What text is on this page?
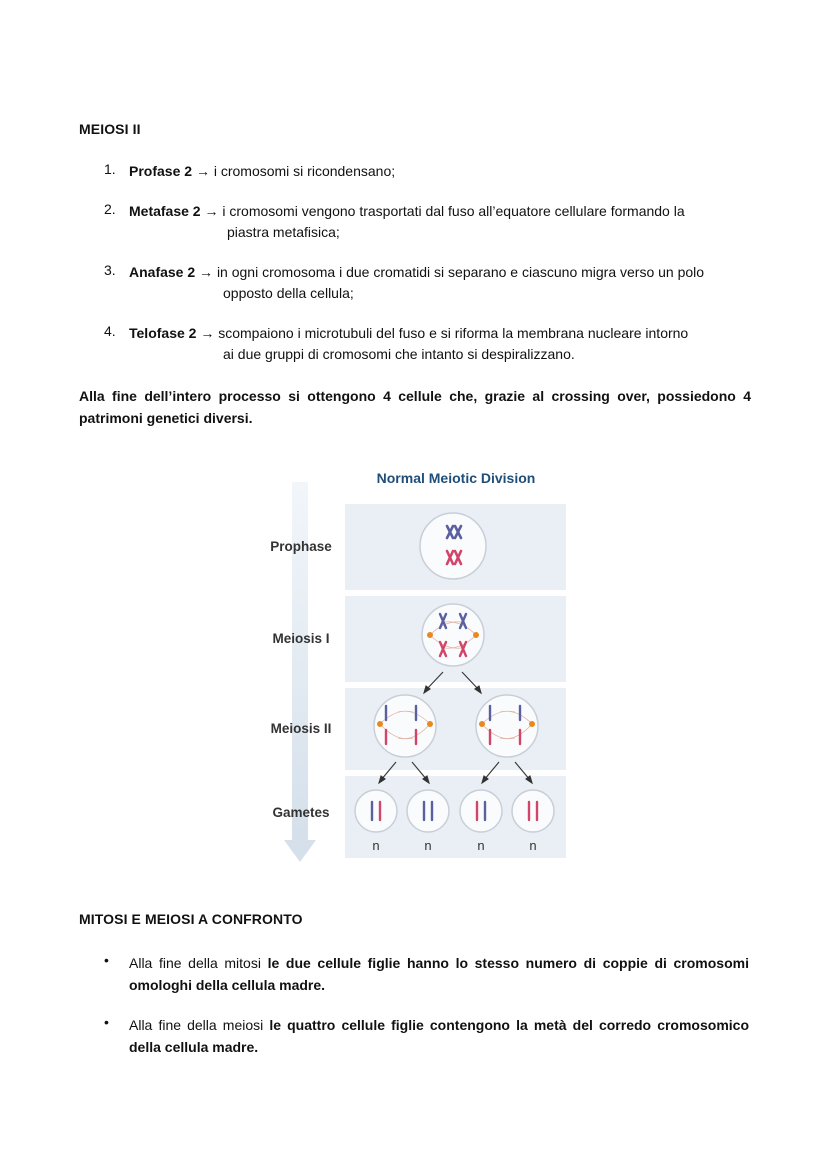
MEIOSI II
1. Profase 2 → i cromosomi si ricondensano;
2. Metafase 2 → i cromosomi vengono trasportati dal fuso all’equatore cellulare formando la
piastra metafisica;
3. Anafase 2 → in ogni cromosoma i due cromatidi si separano e ciascuno migra verso un polo
opposto della cellula;
4. Telofase 2 → scompaiono i microtubuli del fuso e si riforma la membrana nucleare intorno
ai due gruppi di cromosomi che intanto si despiralizzano.
Alla fine dell’intero processo si ottengono 4 cellule che, grazie al crossing over, possiedono 4 patrimoni genetici diversi.
Normal Meiotic Division
Prophase
Meiosis I
Meiosis II
Gametes
n	n	n	n
MITOSI E MEIOSI A CONFRONTO
• Alla fine della mitosi le due cellule figlie hanno lo stesso numero di coppie di cromosomi omologhi della cellula madre.
• Alla fine della meiosi le quattro cellule figlie contengono la metà del corredo cromosomico della cellula madre.
